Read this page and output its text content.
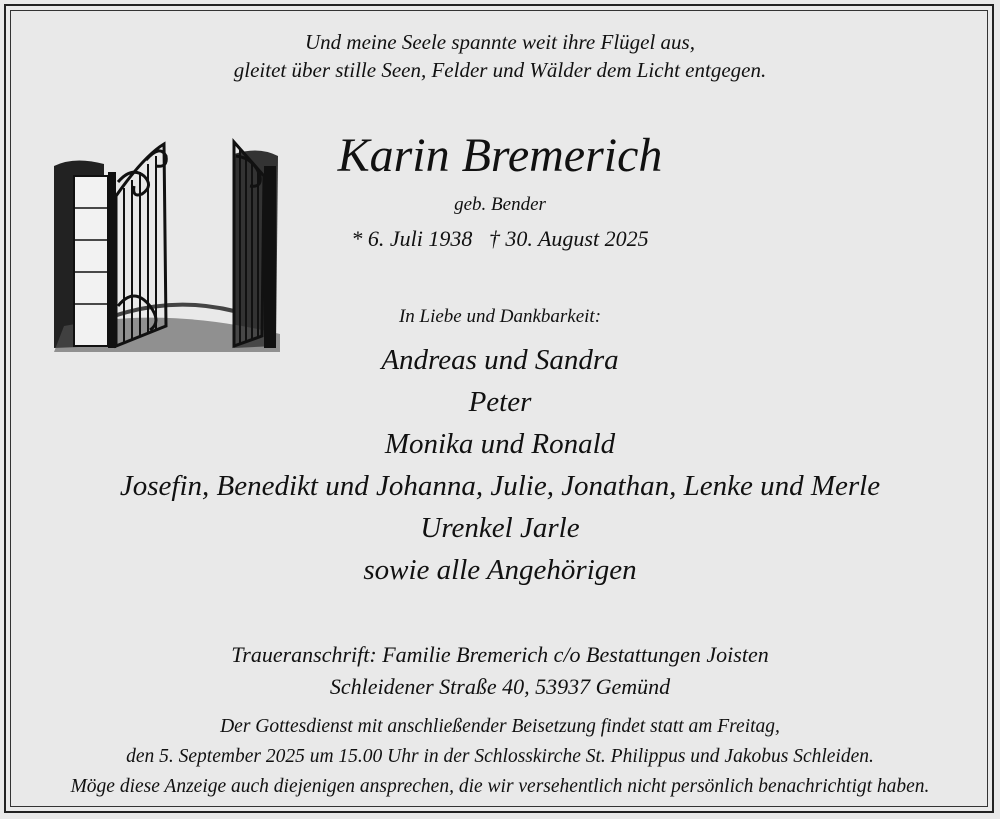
Und meine Seele spannte weit ihre Flügel aus,
gleitet über stille Seen, Felder und Wälder dem Licht entgegen.
Karin Bremerich
geb. Bender
* 6. Juli 1938 † 30. August 2025
In Liebe und Dankbarkeit:
Andreas und Sandra
Peter
Monika und Ronald
Josefin, Benedikt und Johanna, Julie, Jonathan, Lenke und Merle
Urenkel Jarle
sowie alle Angehörigen
Traueranschrift: Familie Bremerich c/o Bestattungen Joisten
Schleidener Straße 40, 53937 Gemünd
Der Gottesdienst mit anschließender Beisetzung findet statt am Freitag,
den 5. September 2025 um 15.00 Uhr in der Schlosskirche St. Philippus und Jakobus Schleiden.
Möge diese Anzeige auch diejenigen ansprechen, die wir versehentlich nicht persönlich benachrichtigt haben.
